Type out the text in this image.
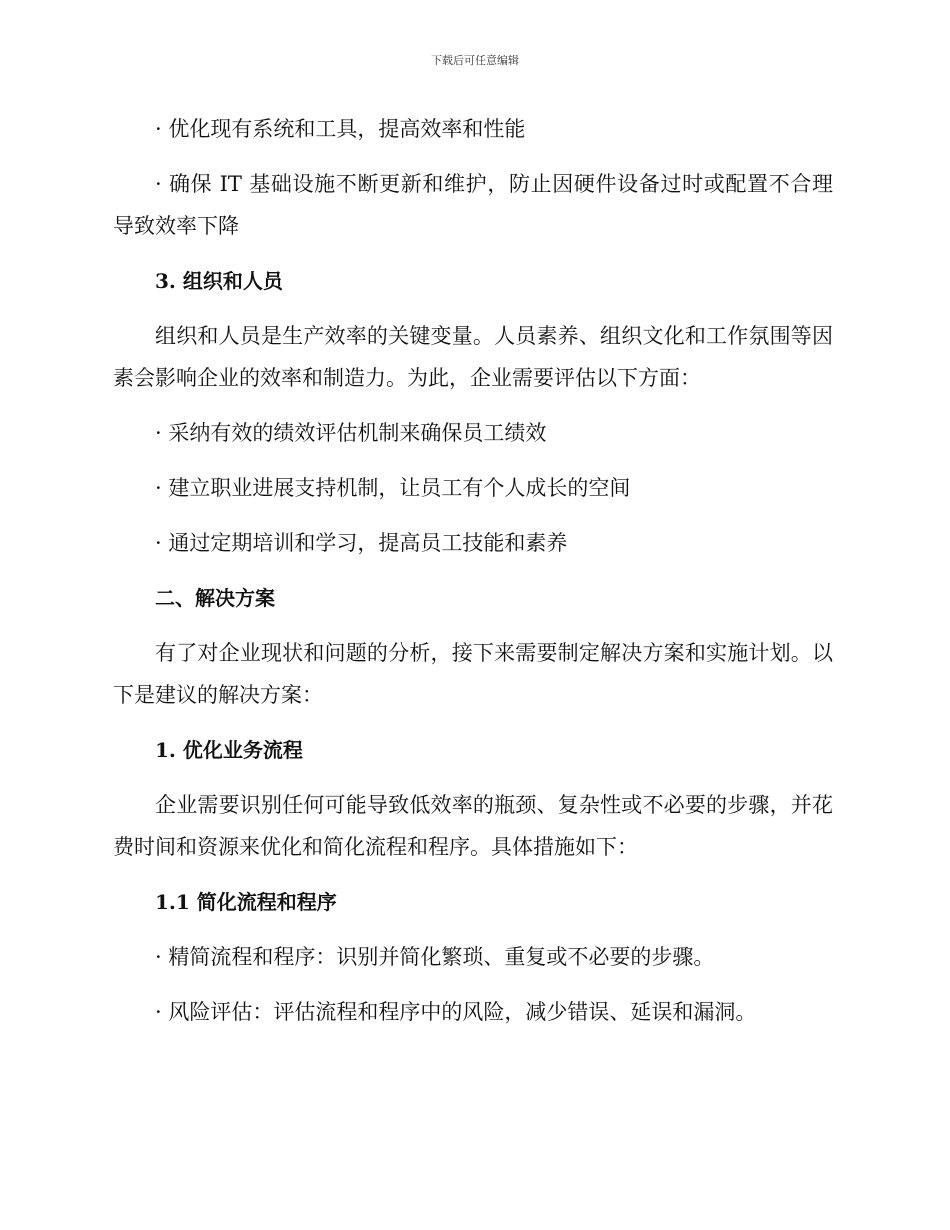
下载后可任意编辑

· 优化现有系统和工具，提高效率和性能

· 确保 IT 基础设施不断更新和维护，防止因硬件设备过时或配置不合理导致效率下降

3. 组织和人员

组织和人员是生产效率的关键变量。人员素养、组织文化和工作氛围等因素会影响企业的效率和制造力。为此，企业需要评估以下方面：

· 采纳有效的绩效评估机制来确保员工绩效

· 建立职业进展支持机制，让员工有个人成长的空间

· 通过定期培训和学习，提高员工技能和素养

二、解决方案

有了对企业现状和问题的分析，接下来需要制定解决方案和实施计划。以下是建议的解决方案：

1. 优化业务流程

企业需要识别任何可能导致低效率的瓶颈、复杂性或不必要的步骤，并花费时间和资源来优化和简化流程和程序。具体措施如下：

1.1 简化流程和程序

· 精简流程和程序：识别并简化繁琐、重复或不必要的步骤。

· 风险评估：评估流程和程序中的风险，减少错误、延误和漏洞。
